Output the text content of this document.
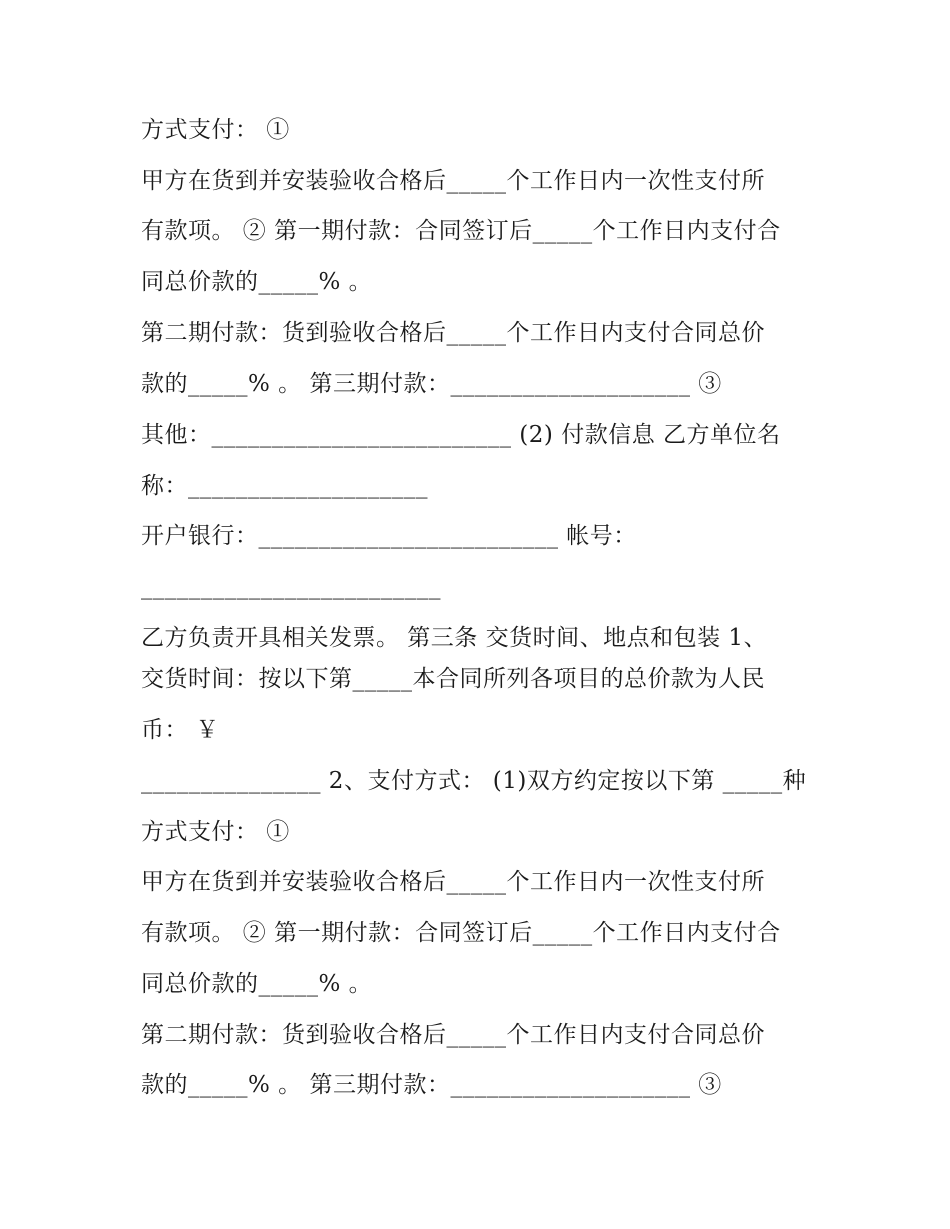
方式支付： ①
甲方在货到并安装验收合格后_____个工作日内一次性支付所
有款项。 ② 第一期付款：合同签订后_____个工作日内支付合
同总价款的_____% 。
第二期付款：货到验收合格后_____个工作日内支付合同总价
款的_____% 。 第三期付款：____________________ ③
其他：_________________________ (2) 付款信息 乙方单位名
称：____________________
开户银行：_________________________ 帐号：
_________________________
乙方负责开具相关发票。 第三条 交货时间、地点和包装 1、
交货时间：按以下第_____本合同所列各项目的总价款为人民
币： ￥
_______________ 2、支付方式： (1)双方约定按以下第 _____种
方式支付： ①
甲方在货到并安装验收合格后_____个工作日内一次性支付所
有款项。 ② 第一期付款：合同签订后_____个工作日内支付合
同总价款的_____% 。
第二期付款：货到验收合格后_____个工作日内支付合同总价
款的_____% 。 第三期付款：____________________ ③
